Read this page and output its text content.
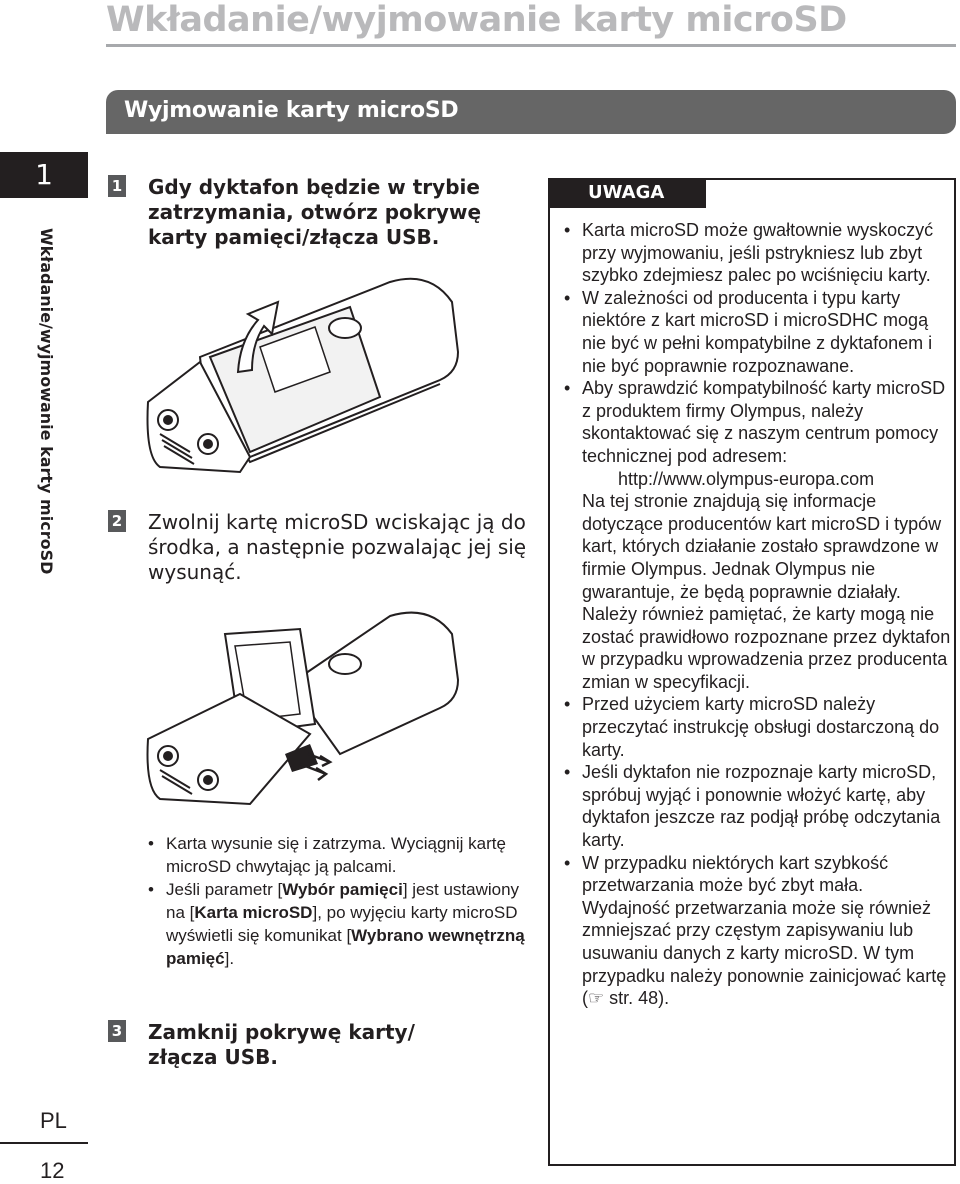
Wkładanie/wyjmowanie karty microSD
Wyjmowanie karty microSD
1
Wkładanie/wyjmowanie karty microSD
PL
12
1 Gdy dyktafon będzie w trybie zatrzymania, otwórz pokrywę karty pamięci/złącza USB.
2 Zwolnij kartę microSD wciskając ją do środka, a następnie pozwalając jej się wysunąć.
• Karta wysunie się i zatrzyma. Wyciągnij kartę microSD chwytając ją palcami.
• Jeśli parametr [Wybór pamięci] jest ustawiony na [Karta microSD], po wyjęciu karty microSD wyświetli się komunikat [Wybrano wewnętrzną pamięć].
3 Zamknij pokrywę karty/ złącza USB.
UWAGA
• Karta microSD może gwałtownie wyskoczyć przy wyjmowaniu, jeśli pstrykniesz lub zbyt szybko zdejmiesz palec po wciśnięciu karty.
• W zależności od producenta i typu karty niektóre z kart microSD i microSDHC mogą nie być w pełni kompatybilne z dyktafonem i nie być poprawnie rozpoznawane.
• Aby sprawdzić kompatybilność karty microSD z produktem firmy Olympus, należy skontaktować się z naszym centrum pomocy technicznej pod adresem:
http://www.olympus-europa.com
Na tej stronie znajdują się informacje dotyczące producentów kart microSD i typów kart, których działanie zostało sprawdzone w firmie Olympus. Jednak Olympus nie gwarantuje, że będą poprawnie działały.
Należy również pamiętać, że karty mogą nie zostać prawidłowo rozpoznane przez dyktafon w przypadku wprowadzenia przez producenta zmian w specyfikacji.
• Przed użyciem karty microSD należy przeczytać instrukcję obsługi dostarczoną do karty.
• Jeśli dyktafon nie rozpoznaje karty microSD, spróbuj wyjąć i ponownie włożyć kartę, aby dyktafon jeszcze raz podjął próbę odczytania karty.
• W przypadku niektórych kart szybkość przetwarzania może być zbyt mała. Wydajność przetwarzania może się również zmniejszać przy częstym zapisywaniu lub usuwaniu danych z karty microSD. W tym przypadku należy ponownie zainicjować kartę (☞ str. 48).
